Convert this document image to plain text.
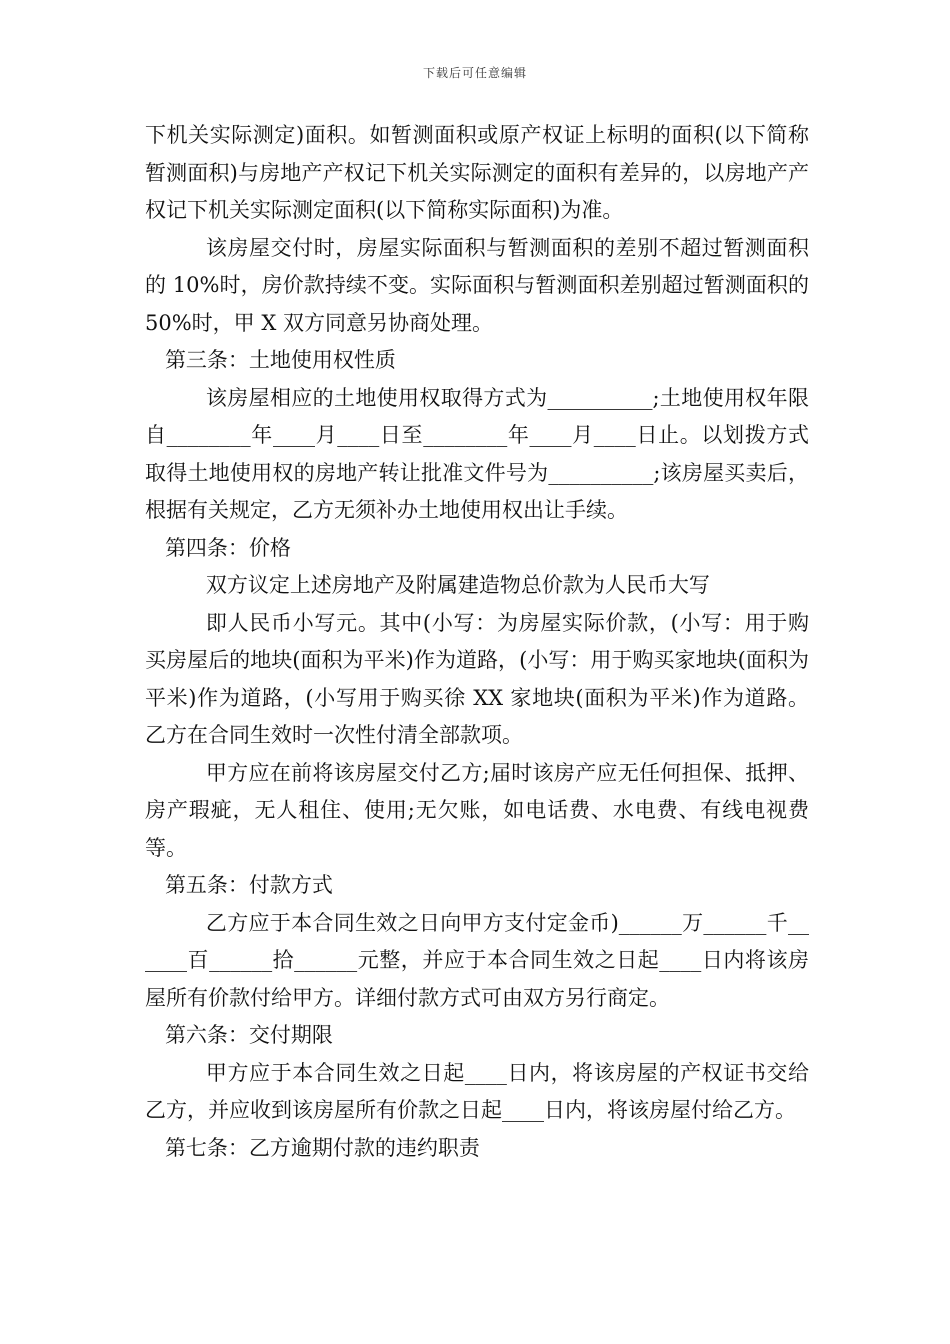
下载后可任意编辑

下机关实际测定)面积。如暂测面积或原产权证上标明的面积(以下简称暂测面积)与房地产产权记下机关实际测定的面积有差异的，以房地产产权记下机关实际测定面积(以下简称实际面积)为准。

该房屋交付时，房屋实际面积与暂测面积的差别不超过暂测面积的 10%时，房价款持续不变。实际面积与暂测面积差别超过暂测面积的 50%时，甲 X 双方同意另协商处理。

第三条：土地使用权性质

该房屋相应的土地使用权取得方式为__________;土地使用权年限自________年____月____日至________年____月____日止。以划拨方式取得土地使用权的房地产转让批准文件号为__________;该房屋买卖后，根据有关规定，乙方无须补办土地使用权出让手续。

第四条：价格

双方议定上述房地产及附属建造物总价款为人民币大写

即人民币小写元。其中(小写：为房屋实际价款，(小写：用于购买房屋后的地块(面积为平米)作为道路，(小写：用于购买家地块(面积为平米)作为道路，(小写用于购买徐 XX 家地块(面积为平米)作为道路。乙方在合同生效时一次性付清全部款项。

甲方应在前将该房屋交付乙方;届时该房产应无任何担保、抵押、房产瑕疵，无人租住、使用;无欠账，如电话费、水电费、有线电视费等。

第五条：付款方式

乙方应于本合同生效之日向甲方支付定金币)______万______千______百______拾______元整，并应于本合同生效之日起____日内将该房屋所有价款付给甲方。详细付款方式可由双方另行商定。

第六条：交付期限

甲方应于本合同生效之日起____日内，将该房屋的产权证书交给乙方，并应收到该房屋所有价款之日起____日内，将该房屋付给乙方。

第七条：乙方逾期付款的违约职责
